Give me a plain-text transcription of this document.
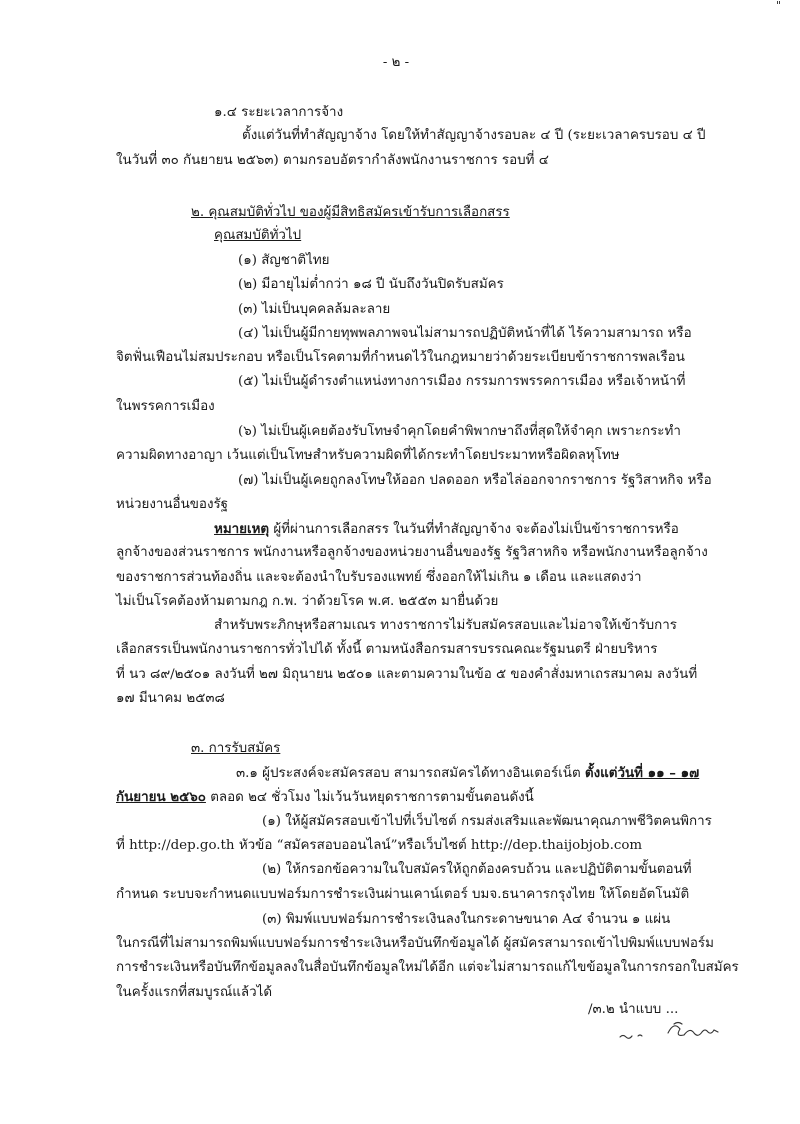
"
- ๒ -
๑.๔ ระยะเวลาการจ้าง
ตั้งแต่วันที่ทำสัญญาจ้าง โดยให้ทำสัญญาจ้างรอบละ ๔ ปี (ระยะเวลาครบรอบ ๔ ปี
ในวันที่ ๓๐ กันยายน ๒๕๖๓) ตามกรอบอัตรากำลังพนักงานราชการ รอบที่ ๔
๒. คุณสมบัติทั่วไป ของผู้มีสิทธิสมัครเข้ารับการเลือกสรร
คุณสมบัติทั่วไป
(๑) สัญชาติไทย
(๒) มีอายุไม่ต่ำกว่า ๑๘ ปี นับถึงวันปิดรับสมัคร
(๓) ไม่เป็นบุคคลล้มละลาย
(๔) ไม่เป็นผู้มีกายทุพพลภาพจนไม่สามารถปฏิบัติหน้าที่ได้ ไร้ความสามารถ หรือ
จิตฟั่นเฟือนไม่สมประกอบ หรือเป็นโรคตามที่กำหนดไว้ในกฎหมายว่าด้วยระเบียบข้าราชการพลเรือน
(๕) ไม่เป็นผู้ดำรงตำแหน่งทางการเมือง กรรมการพรรคการเมือง หรือเจ้าหน้าที่
ในพรรคการเมือง
(๖) ไม่เป็นผู้เคยต้องรับโทษจำคุกโดยคำพิพากษาถึงที่สุดให้จำคุก เพราะกระทำ
ความผิดทางอาญา เว้นแต่เป็นโทษสำหรับความผิดที่ได้กระทำโดยประมาทหรือผิดลหุโทษ
(๗) ไม่เป็นผู้เคยถูกลงโทษให้ออก ปลดออก หรือไล่ออกจากราชการ รัฐวิสาหกิจ หรือ
หน่วยงานอื่นของรัฐ
หมายเหตุ ผู้ที่ผ่านการเลือกสรร ในวันที่ทำสัญญาจ้าง จะต้องไม่เป็นข้าราชการหรือ
ลูกจ้างของส่วนราชการ พนักงานหรือลูกจ้างของหน่วยงานอื่นของรัฐ รัฐวิสาหกิจ หรือพนักงานหรือลูกจ้าง
ของราชการส่วนท้องถิ่น และจะต้องนำใบรับรองแพทย์ ซึ่งออกให้ไม่เกิน ๑ เดือน และแสดงว่า
ไม่เป็นโรคต้องห้ามตามกฎ ก.พ. ว่าด้วยโรค พ.ศ. ๒๕๕๓ มายื่นด้วย
สำหรับพระภิกษุหรือสามเณร ทางราชการไม่รับสมัครสอบและไม่อาจให้เข้ารับการ
เลือกสรรเป็นพนักงานราชการทั่วไปได้ ทั้งนี้ ตามหนังสือกรมสารบรรณคณะรัฐมนตรี ฝ่ายบริหาร
ที่ นว ๘๙/๒๕๐๑ ลงวันที่ ๒๗ มิถุนายน ๒๕๐๑ และตามความในข้อ ๕ ของคำสั่งมหาเถรสมาคม ลงวันที่
๑๗ มีนาคม ๒๕๓๘
๓. การรับสมัคร
๓.๑ ผู้ประสงค์จะสมัครสอบ สามารถสมัครได้ทางอินเตอร์เน็ต ตั้งแต่วันที่ ๑๑ – ๑๗
กันยายน ๒๕๖๐ ตลอด ๒๔ ชั่วโมง ไม่เว้นวันหยุดราชการตามขั้นตอนดังนี้
(๑) ให้ผู้สมัครสอบเข้าไปที่เว็บไซต์ กรมส่งเสริมและพัฒนาคุณภาพชีวิตคนพิการ
ที่ http://dep.go.th หัวข้อ “สมัครสอบออนไลน์”หรือเว็บไซต์ http://dep.thaijobjob.com
(๒) ให้กรอกข้อความในใบสมัครให้ถูกต้องครบถ้วน และปฏิบัติตามขั้นตอนที่
กำหนด ระบบจะกำหนดแบบฟอร์มการชำระเงินผ่านเคาน์เตอร์ บมจ.ธนาคารกรุงไทย ให้โดยอัตโนมัติ
(๓) พิมพ์แบบฟอร์มการชำระเงินลงในกระดาษขนาด A๔ จำนวน ๑ แผ่น
ในกรณีที่ไม่สามารถพิมพ์แบบฟอร์มการชำระเงินหรือบันทึกข้อมูลได้ ผู้สมัครสามารถเข้าไปพิมพ์แบบฟอร์ม
การชำระเงินหรือบันทึกข้อมูลลงในสื่อบันทึกข้อมูลใหม่ได้อีก แต่จะไม่สามารถแก้ไขข้อมูลในการกรอกใบสมัคร
ในครั้งแรกที่สมบูรณ์แล้วได้
/๓.๒ นำแบบ ...
